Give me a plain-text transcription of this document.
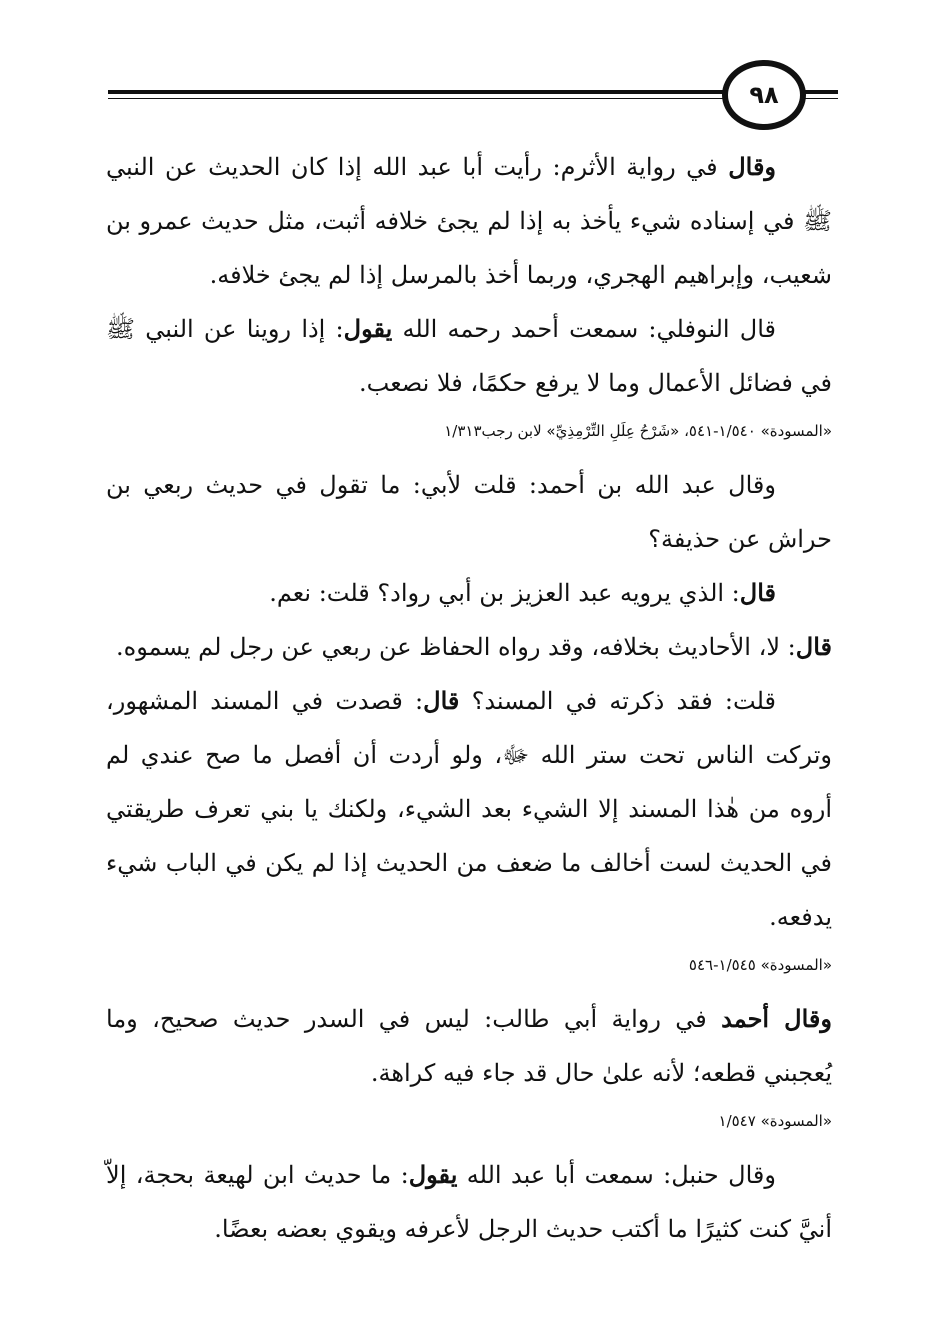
٩٨

وقال في رواية الأثرم: رأيت أبا عبد الله إذا كان الحديث عن النبي ﷺ في إسناده شيء يأخذ به إذا لم يجئ خلافه أثبت، مثل حديث عمرو بن شعيب، وإبراهيم الهجري، وربما أخذ بالمرسل إذا لم يجئ خلافه.

قال النوفلي: سمعت أحمد رحمه الله يقول: إذا روينا عن النبي ﷺ في فضائل الأعمال وما لا يرفع حكمًا، فلا نصعب.

«المسودة» ١/٥٤٠-٥٤١، «شَرْحُ عِلَلِ التِّرْمِذِيِّ» لابن رجب١/٣١٣

وقال عبد الله بن أحمد: قلت لأبي: ما تقول في حديث ربعي بن حراش عن حذيفة؟

قال: الذي يرويه عبد العزيز بن أبي رواد؟ قلت: نعم.

قال: لا، الأحاديث بخلافه، وقد رواه الحفاظ عن ربعي عن رجل لم يسموه.

قلت: فقد ذكرته في المسند؟ قال: قصدت في المسند المشهور، وتركت الناس تحت ستر الله ﷻ، ولو أردت أن أفصل ما صح عندي لم أروه من هٰذا المسند إلا الشيء بعد الشيء، ولكنك يا بني تعرف طريقتي في الحديث لست أخالف ما ضعف من الحديث إذا لم يكن في الباب شيء يدفعه.

«المسودة» ١/٥٤٥-٥٤٦

وقال أحمد في رواية أبي طالب: ليس في السدر حديث صحيح، وما يُعجبني قطعه؛ لأنه علىٰ حال قد جاء فيه كراهة.

«المسودة» ١/٥٤٧

وقال حنبل: سمعت أبا عبد الله يقول: ما حديث ابن لهيعة بحجة، إلاّ أنيَّ كنت كثيرًا ما أكتب حديث الرجل لأعرفه ويقوي بعضه بعضًا.
